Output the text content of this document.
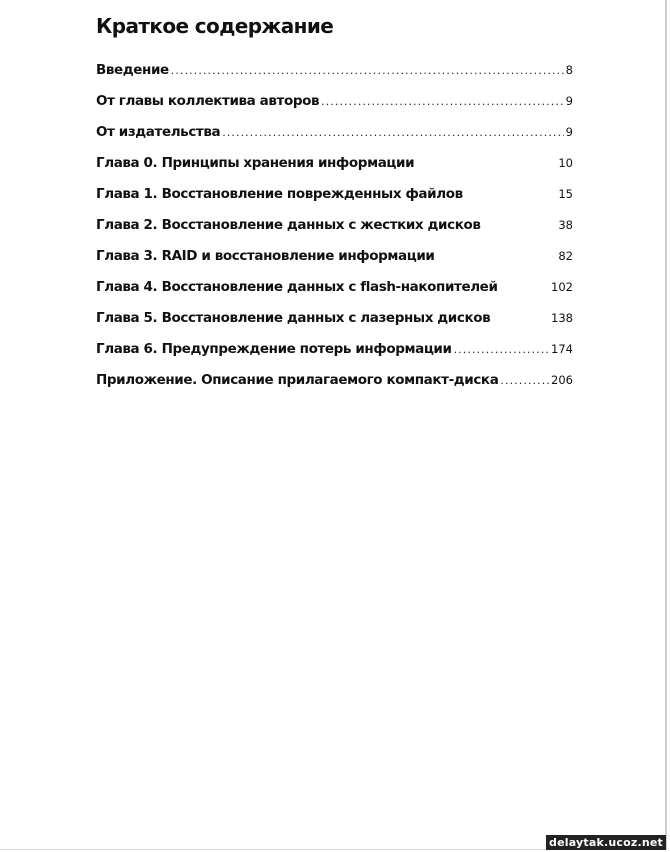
Краткое содержание
Введение . . .	8
От главы коллектива авторов . . .	9
От издательства . . .	9
Глава 0. Принципы хранения информации	10
Глава 1. Восстановление поврежденных файлов	15
Глава 2. Восстановление данных с жестких дисков	38
Глава 3. RAID и восстановление информации	82
Глава 4. Восстановление данных с flash-накопителей	102
Глава 5. Восстановление данных с лазерных дисков	138
Глава 6. Предупреждение потерь информации . . .	174
Приложение. Описание прилагаемого компакт-диска . . .	206
delaytak.ucoz.net
